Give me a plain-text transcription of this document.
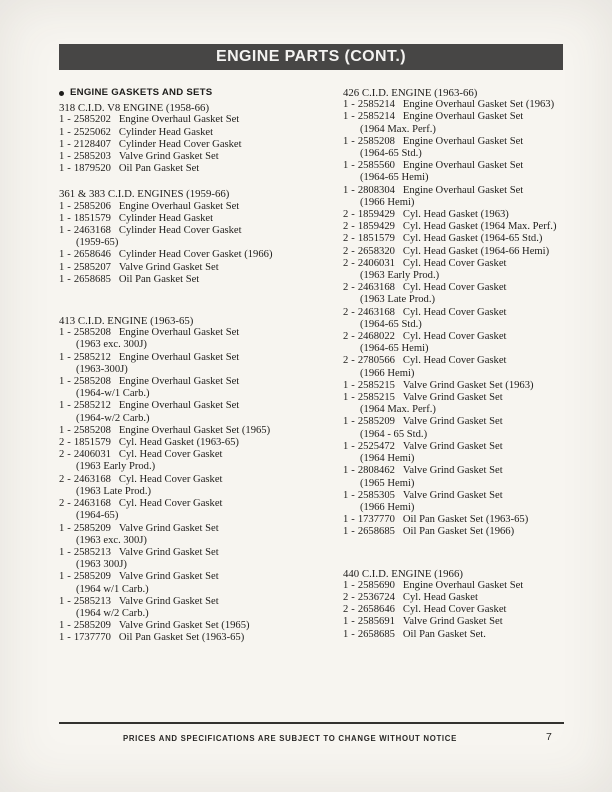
ENGINE PARTS (CONT.)
ENGINE GASKETS AND SETS
318 C.I.D. V8 ENGINE (1958-66)
1 - 2585202 Engine Overhaul Gasket Set
1 - 2525062 Cylinder Head Gasket
1 - 2128407 Cylinder Head Cover Gasket
1 - 2585203 Valve Grind Gasket Set
1 - 1879520 Oil Pan Gasket Set
361 & 383 C.I.D. ENGINES (1959-66)
1 - 2585206 Engine Overhaul Gasket Set
1 - 1851579 Cylinder Head Gasket
1 - 2463168 Cylinder Head Cover Gasket
(1959-65)
1 - 2658646 Cylinder Head Cover Gasket (1966)
1 - 2585207 Valve Grind Gasket Set
1 - 2658685 Oil Pan Gasket Set
413 C.I.D. ENGINE (1963-65)
1 - 2585208 Engine Overhaul Gasket Set
(1963 exc. 300J)
1 - 2585212 Engine Overhaul Gasket Set
(1963-300J)
1 - 2585208 Engine Overhaul Gasket Set
(1964-w/1 Carb.)
1 - 2585212 Engine Overhaul Gasket Set
(1964-w/2 Carb.)
1 - 2585208 Engine Overhaul Gasket Set (1965)
2 - 1851579 Cyl. Head Gasket (1963-65)
2 - 2406031 Cyl. Head Cover Gasket
(1963 Early Prod.)
2 - 2463168 Cyl. Head Cover Gasket
(1963 Late Prod.)
2 - 2463168 Cyl. Head Cover Gasket
(1964-65)
1 - 2585209 Valve Grind Gasket Set
(1963 exc. 300J)
1 - 2585213 Valve Grind Gasket Set
(1963 300J)
1 - 2585209 Valve Grind Gasket Set
(1964 w/1 Carb.)
1 - 2585213 Valve Grind Gasket Set
(1964 w/2 Carb.)
1 - 2585209 Valve Grind Gasket Set (1965)
1 - 1737770 Oil Pan Gasket Set (1963-65)
426 C.I.D. ENGINE (1963-66)
1 - 2585214 Engine Overhaul Gasket Set (1963)
1 - 2585214 Engine Overhaul Gasket Set
(1964 Max. Perf.)
1 - 2585208 Engine Overhaul Gasket Set
(1964-65 Std.)
1 - 2585560 Engine Overhaul Gasket Set
(1964-65 Hemi)
1 - 2808304 Engine Overhaul Gasket Set
(1966 Hemi)
2 - 1859429 Cyl. Head Gasket (1963)
2 - 1859429 Cyl. Head Gasket (1964 Max. Perf.)
2 - 1851579 Cyl. Head Gasket (1964-65 Std.)
2 - 2658320 Cyl. Head Gasket (1964-66 Hemi)
2 - 2406031 Cyl. Head Cover Gasket
(1963 Early Prod.)
2 - 2463168 Cyl. Head Cover Gasket
(1963 Late Prod.)
2 - 2463168 Cyl. Head Cover Gasket
(1964-65 Std.)
2 - 2468022 Cyl. Head Cover Gasket
(1964-65 Hemi)
2 - 2780566 Cyl. Head Cover Gasket
(1966 Hemi)
1 - 2585215 Valve Grind Gasket Set (1963)
1 - 2585215 Valve Grind Gasket Set
(1964 Max. Perf.)
1 - 2585209 Valve Grind Gasket Set
(1964 - 65 Std.)
1 - 2525472 Valve Grind Gasket Set
(1964 Hemi)
1 - 2808462 Valve Grind Gasket Set
(1965 Hemi)
1 - 2585305 Valve Grind Gasket Set
(1966 Hemi)
1 - 1737770 Oil Pan Gasket Set (1963-65)
1 - 2658685 Oil Pan Gasket Set (1966)
440 C.I.D. ENGINE (1966)
1 - 2585690 Engine Overhaul Gasket Set
2 - 2536724 Cyl. Head Gasket
2 - 2658646 Cyl. Head Cover Gasket
1 - 2585691 Valve Grind Gasket Set
1 - 2658685 Oil Pan Gasket Set.
PRICES AND SPECIFICATIONS ARE SUBJECT TO CHANGE WITHOUT NOTICE	7
